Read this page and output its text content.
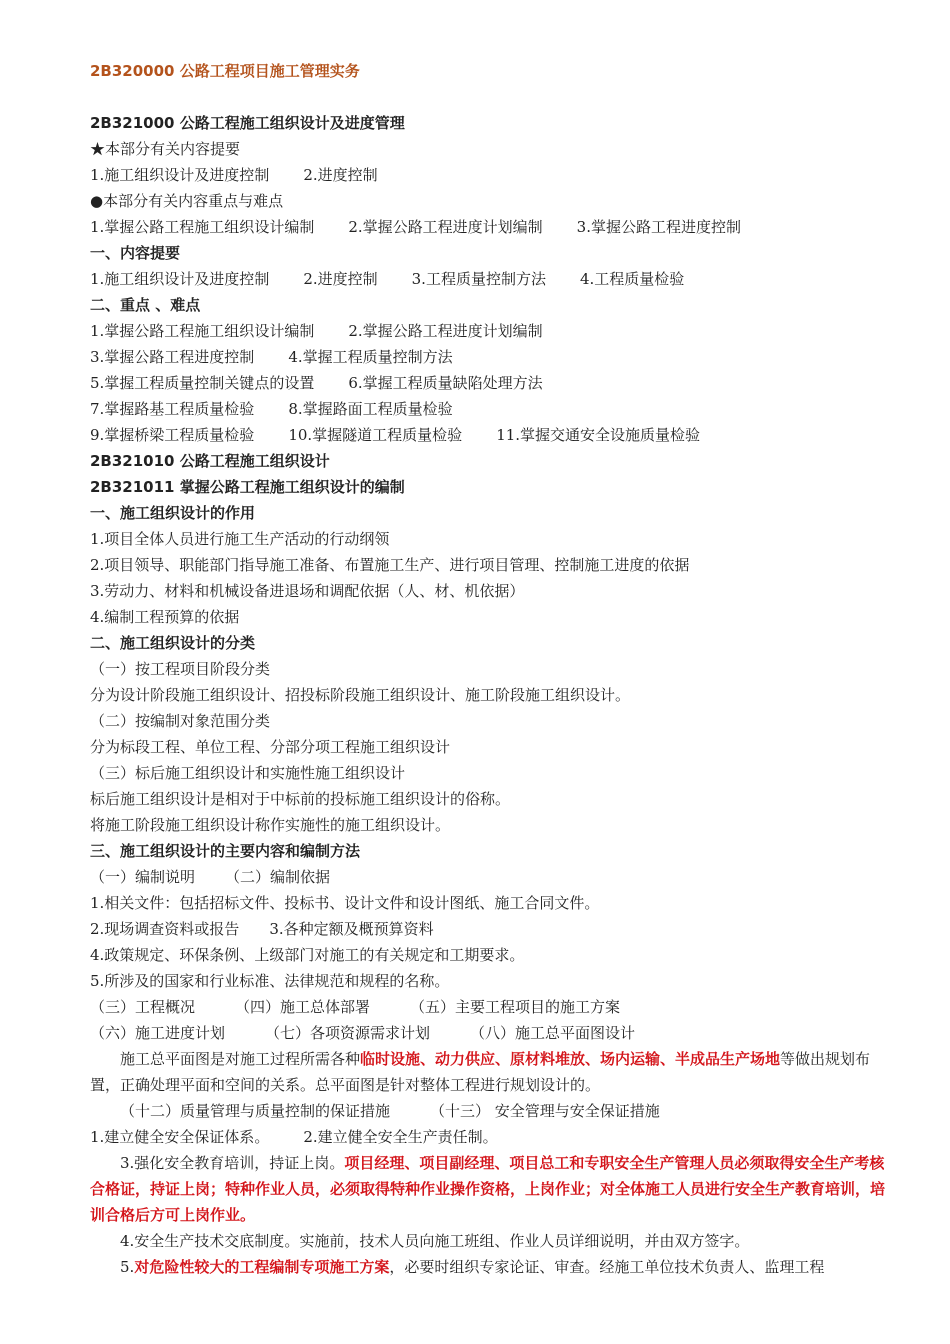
2B320000 公路工程项目施工管理实务
2B321000 公路工程施工组织设计及进度管理
★本部分有关内容提要
1.施工组织设计及进度控制 2.进度控制
●本部分有关内容重点与难点
1.掌握公路工程施工组织设计编制 2.掌握公路工程进度计划编制 3.掌握公路工程进度控制
一、内容提要
1.施工组织设计及进度控制 2.进度控制 3.工程质量控制方法 4.工程质量检验
二、重点 、难点
1.掌握公路工程施工组织设计编制 2.掌握公路工程进度计划编制
3.掌握公路工程进度控制 4.掌握工程质量控制方法
5.掌握工程质量控制关键点的设置 6.掌握工程质量缺陷处理方法
7.掌握路基工程质量检验 8.掌握路面工程质量检验
9.掌握桥梁工程质量检验 10.掌握隧道工程质量检验 11.掌握交通安全设施质量检验
2B321010 公路工程施工组织设计
2B321011 掌握公路工程施工组织设计的编制
一、施工组织设计的作用
1.项目全体人员进行施工生产活动的行动纲领
2.项目领导、职能部门指导施工准备、布置施工生产、进行项目管理、控制施工进度的依据
3.劳动力、材料和机械设备进退场和调配依据（人、材、机依据）
4.编制工程预算的依据
二、施工组织设计的分类
（一）按工程项目阶段分类
分为设计阶段施工组织设计、招投标阶段施工组织设计、施工阶段施工组织设计。
（二）按编制对象范围分类
分为标段工程、单位工程、分部分项工程施工组织设计
（三）标后施工组织设计和实施性施工组织设计
标后施工组织设计是相对于中标前的投标施工组织设计的俗称。
将施工阶段施工组织设计称作实施性的施工组织设计。
三、施工组织设计的主要内容和编制方法
（一）编制说明 （二）编制依据
1.相关文件：包括招标文件、投标书、设计文件和设计图纸、施工合同文件。
2.现场调查资料或报告 3.各种定额及概预算资料
4.政策规定、环保条例、上级部门对施工的有关规定和工期要求。
5.所涉及的国家和行业标准、法律规范和规程的名称。
（三）工程概况	（四）施工总体部署	（五）主要工程项目的施工方案
（六）施工进度计划	（七）各项资源需求计划	（八）施工总平面图设计
施工总平面图是对施工过程所需各种临时设施、动力供应、原材料堆放、场内运输、半成品生产场地等做出规划布置，正确处理平面和空间的关系。总平面图是针对整体工程进行规划设计的。
（十二）质量管理与质量控制的保证措施	（十三） 安全管理与安全保证措施
1.建立健全安全保证体系。 2.建立健全安全生产责任制。
3.强化安全教育培训，持证上岗。项目经理、项目副经理、项目总工和专职安全生产管理人员必须取得安全生产考核合格证，持证上岗；特种作业人员，必须取得特种作业操作资格，上岗作业；对全体施工人员进行安全生产教育培训，培训合格后方可上岗作业。
4.安全生产技术交底制度。实施前，技术人员向施工班组、作业人员详细说明，并由双方签字。
5.对危险性较大的工程编制专项施工方案，必要时组织专家论证、审查。经施工单位技术负责人、监理工程
